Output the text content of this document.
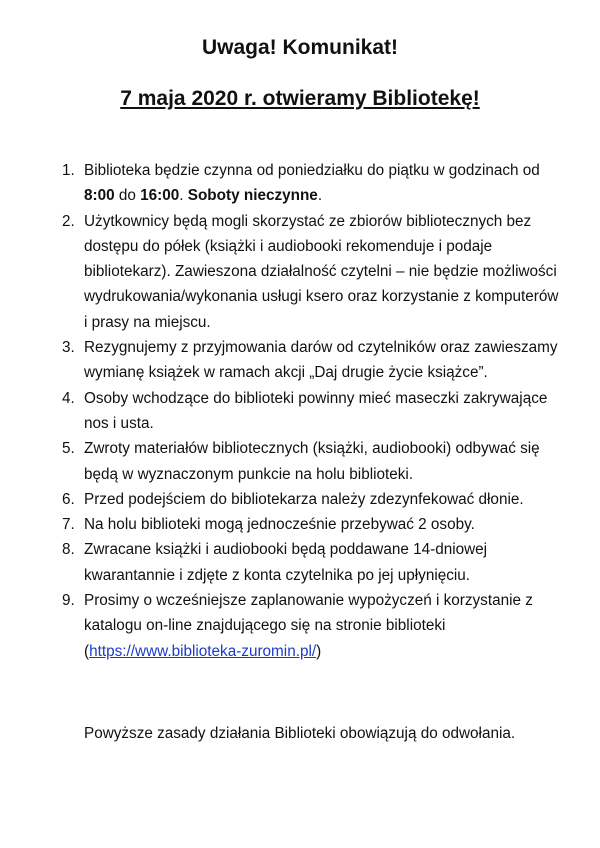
Uwaga! Komunikat!
7 maja 2020 r. otwieramy Bibliotekę!
1. Biblioteka będzie czynna od poniedziałku do piątku w godzinach od 8:00 do 16:00. Soboty nieczynne.
2. Użytkownicy będą mogli skorzystać ze zbiorów bibliotecznych bez dostępu do półek (książki i audiobooki rekomenduje i podaje bibliotekarz). Zawieszona działalność czytelni – nie będzie możliwości wydrukowania/wykonania usługi ksero oraz korzystanie z komputerów i prasy na miejscu.
3. Rezygnujemy z przyjmowania darów od czytelników oraz zawieszamy wymianę książek w ramach akcji „Daj drugie życie książce”.
4. Osoby wchodzące do biblioteki powinny mieć maseczki zakrywające nos i usta.
5. Zwroty materiałów bibliotecznych (książki, audiobooki) odbywać się będą w wyznaczonym punkcie na holu biblioteki.
6. Przed podejściem do bibliotekarza należy zdezynfekować dłonie.
7. Na holu biblioteki mogą jednocześnie przebywać 2 osoby.
8. Zwracane książki i audiobooki będą poddawane 14-dniowej kwarantannie i zdjęte z konta czytelnika po jej upłynięciu.
9. Prosimy o wcześniejsze zaplanowanie wypożyczeń i korzystanie z katalogu on-line znajdującego się na stronie biblioteki (https://www.biblioteka-zuromin.pl/)
Powyższe zasady działania Biblioteki obowiązują do odwołania.
